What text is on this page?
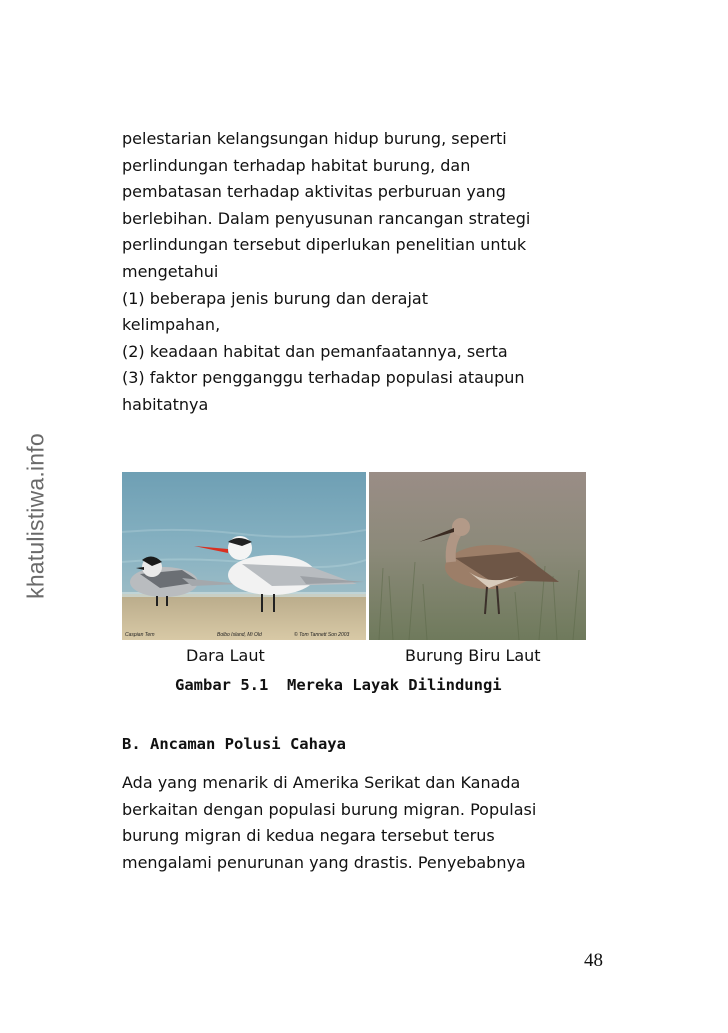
khatulistiwa.info
pelestarian kelangsungan hidup burung, seperti
perlindungan terhadap habitat burung, dan
pembatasan terhadap aktivitas perburuan yang
berlebihan. Dalam penyusunan rancangan strategi
perlindungan tersebut diperlukan penelitian untuk
mengetahui
(1) beberapa jenis burung dan derajat
kelimpahan,
(2) keadaan habitat dan pemanfaatannya, serta
(3) faktor pengganggu terhadap populasi ataupun
habitatnya
Caspian Tern	Bolbo Island, Mi Old	© Tom Tannett Son 2003
Dara Laut	Burung Biru Laut
Gambar 5.1  Mereka Layak Dilindungi
B. Ancaman Polusi Cahaya
Ada yang menarik di Amerika Serikat dan Kanada
berkaitan dengan populasi burung migran. Populasi
burung migran di kedua negara tersebut terus
mengalami penurunan yang drastis. Penyebabnya
48
